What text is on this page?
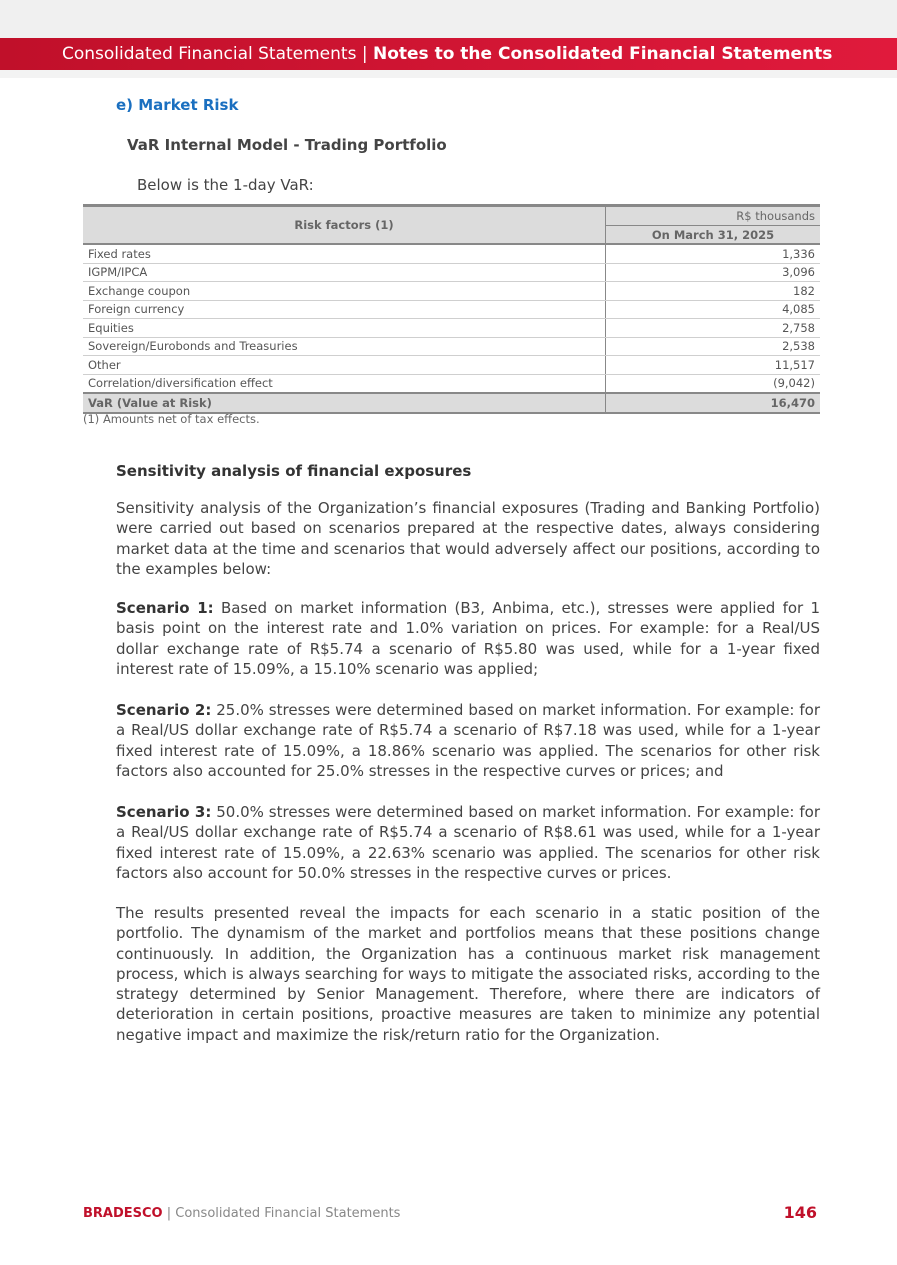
Consolidated Financial Statements | Notes to the Consolidated Financial Statements
e) Market Risk
VaR Internal Model - Trading Portfolio
Below is the 1-day VaR:
Risk factors (1)	R$ thousands
	On March 31, 2025
Fixed rates	1,336
IGPM/IPCA	3,096
Exchange coupon	182
Foreign currency	4,085
Equities	2,758
Sovereign/Eurobonds and Treasuries	2,538
Other	11,517
Correlation/diversification effect	(9,042)
VaR (Value at Risk)	16,470
(1) Amounts net of tax effects.
Sensitivity analysis of financial exposures

Sensitivity analysis of the Organization’s financial exposures (Trading and Banking Portfolio) were carried out based on scenarios prepared at the respective dates, always considering market data at the time and scenarios that would adversely affect our positions, according to the examples below:

Scenario 1: Based on market information (B3, Anbima, etc.), stresses were applied for 1 basis point on the interest rate and 1.0% variation on prices. For example: for a Real/US dollar exchange rate of R$5.74 a scenario of R$5.80 was used, while for a 1-year fixed interest rate of 15.09%, a 15.10% scenario was applied;

Scenario 2: 25.0% stresses were determined based on market information. For example: for a Real/US dollar exchange rate of R$5.74 a scenario of R$7.18 was used, while for a 1-year fixed interest rate of 15.09%, a 18.86% scenario was applied. The scenarios for other risk factors also accounted for 25.0% stresses in the respective curves or prices; and

Scenario 3: 50.0% stresses were determined based on market information. For example: for a Real/US dollar exchange rate of R$5.74 a scenario of R$8.61 was used, while for a 1-year fixed interest rate of 15.09%, a 22.63% scenario was applied. The scenarios for other risk factors also account for 50.0% stresses in the respective curves or prices.

The results presented reveal the impacts for each scenario in a static position of the portfolio. The dynamism of the market and portfolios means that these positions change continuously. In addition, the Organization has a continuous market risk management process, which is always searching for ways to mitigate the associated risks, according to the strategy determined by Senior Management. Therefore, where there are indicators of deterioration in certain positions, proactive measures are taken to minimize any potential negative impact and maximize the risk/return ratio for the Organization.

BRADESCO | Consolidated Financial Statements	146
